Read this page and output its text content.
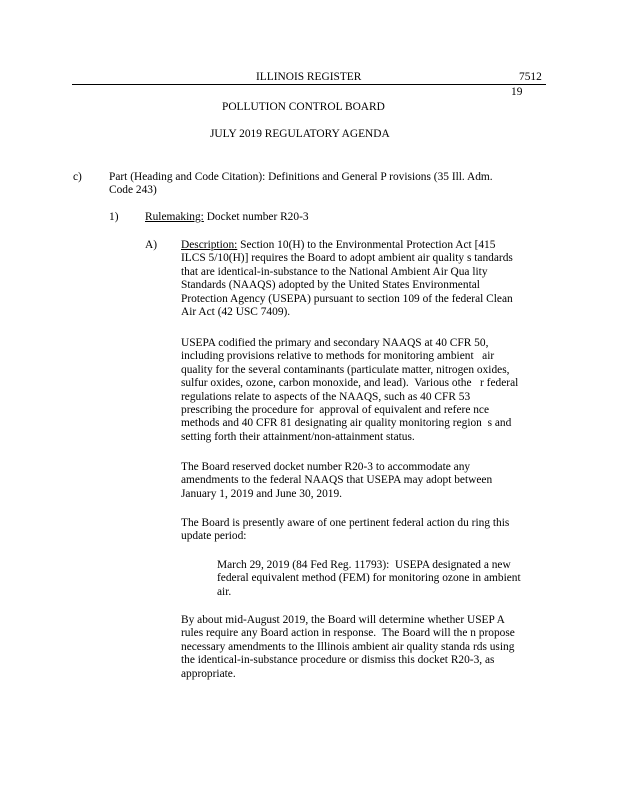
ILLINOIS REGISTER	7512
19
POLLUTION CONTROL BOARD
JULY 2019 REGULATORY AGENDA
c) Part (Heading and Code Citation): Definitions and General P rovisions (35 Ill. Adm.
Code 243)
1) Rulemaking: Docket number R20-3
A) Description: Section 10(H) to the Environmental Protection Act [415
ILCS 5/10(H)] requires the Board to adopt ambient air quality s tandards
that are identical-in-substance to the National Ambient Air Qua lity
Standards (NAAQS) adopted by the United States Environmental
Protection Agency (USEPA) pursuant to section 109 of the federal Clean
Air Act (42 USC 7409).
USEPA codified the primary and secondary NAAQS at 40 CFR 50,
including provisions relative to methods for monitoring ambient   air
quality for the several contaminants (particulate matter, nitrogen oxides,
sulfur oxides, ozone, carbon monoxide, and lead).  Various othe   r federal
regulations relate to aspects of the NAAQS, such as 40 CFR 53
prescribing the procedure for  approval of equivalent and refere nce
methods and 40 CFR 81 designating air quality monitoring region  s and
setting forth their attainment/non-attainment status.
The Board reserved docket number R20-3 to accommodate any
amendments to the federal NAAQS that USEPA may adopt between
January 1, 2019 and June 30, 2019.
The Board is presently aware of one pertinent federal action du ring this
update period:
March 29, 2019 (84 Fed Reg. 11793):  USEPA designated a new
federal equivalent method (FEM) for monitoring ozone in ambient
air.
By about mid-August 2019, the Board will determine whether USEP A
rules require any Board action in response.  The Board will the n propose
necessary amendments to the Illinois ambient air quality standa rds using
the identical-in-substance procedure or dismiss this docket R20-3, as
appropriate.
